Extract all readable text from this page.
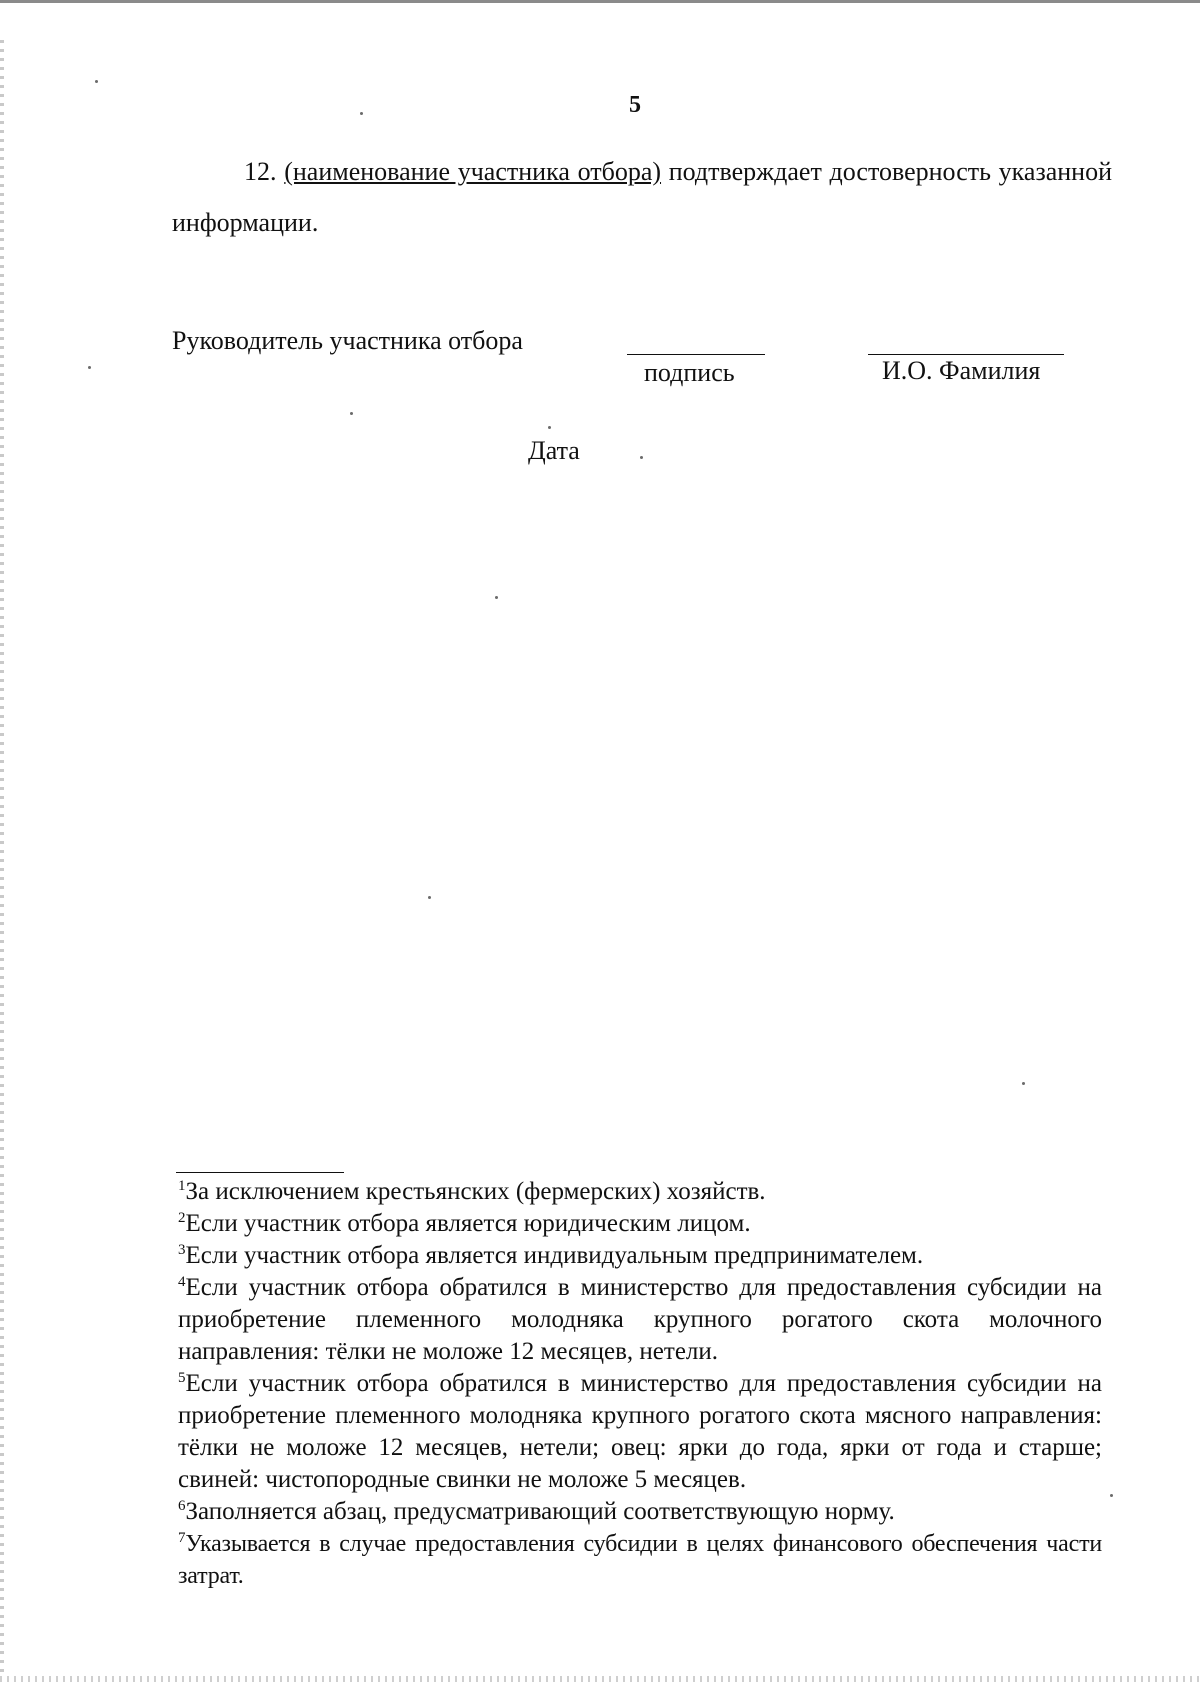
5

12. (наименование участника отбора) подтверждает достоверность указанной информации.

Руководитель участника отбора
подпись	И.О. Фамилия
Дата

$^1$За исключением крестьянских (фермерских) хозяйств.

$^2$Если участник отбора является юридическим лицом.

$^3$Если участник отбора является индивидуальным предпринимателем.

$^4$Если участник отбора обратился в министерство для предоставления субсидии на приобретение племенного молодняка крупного рогатого скота молочного направления: тёлки не моложе 12 месяцев, нетели.

$^5$Если участник отбора обратился в министерство для предоставления субсидии на приобретение племенного молодняка крупного рогатого скота мясного направления: тёлки не моложе 12 месяцев, нетели; овец: ярки до года, ярки от года и старше; свиней: чистопородные свинки не моложе 5 месяцев.

$^6$Заполняется абзац, предусматривающий соответствующую норму.

$^7$Указывается в случае предоставления субсидии в целях финансового обеспечения части затрат.
